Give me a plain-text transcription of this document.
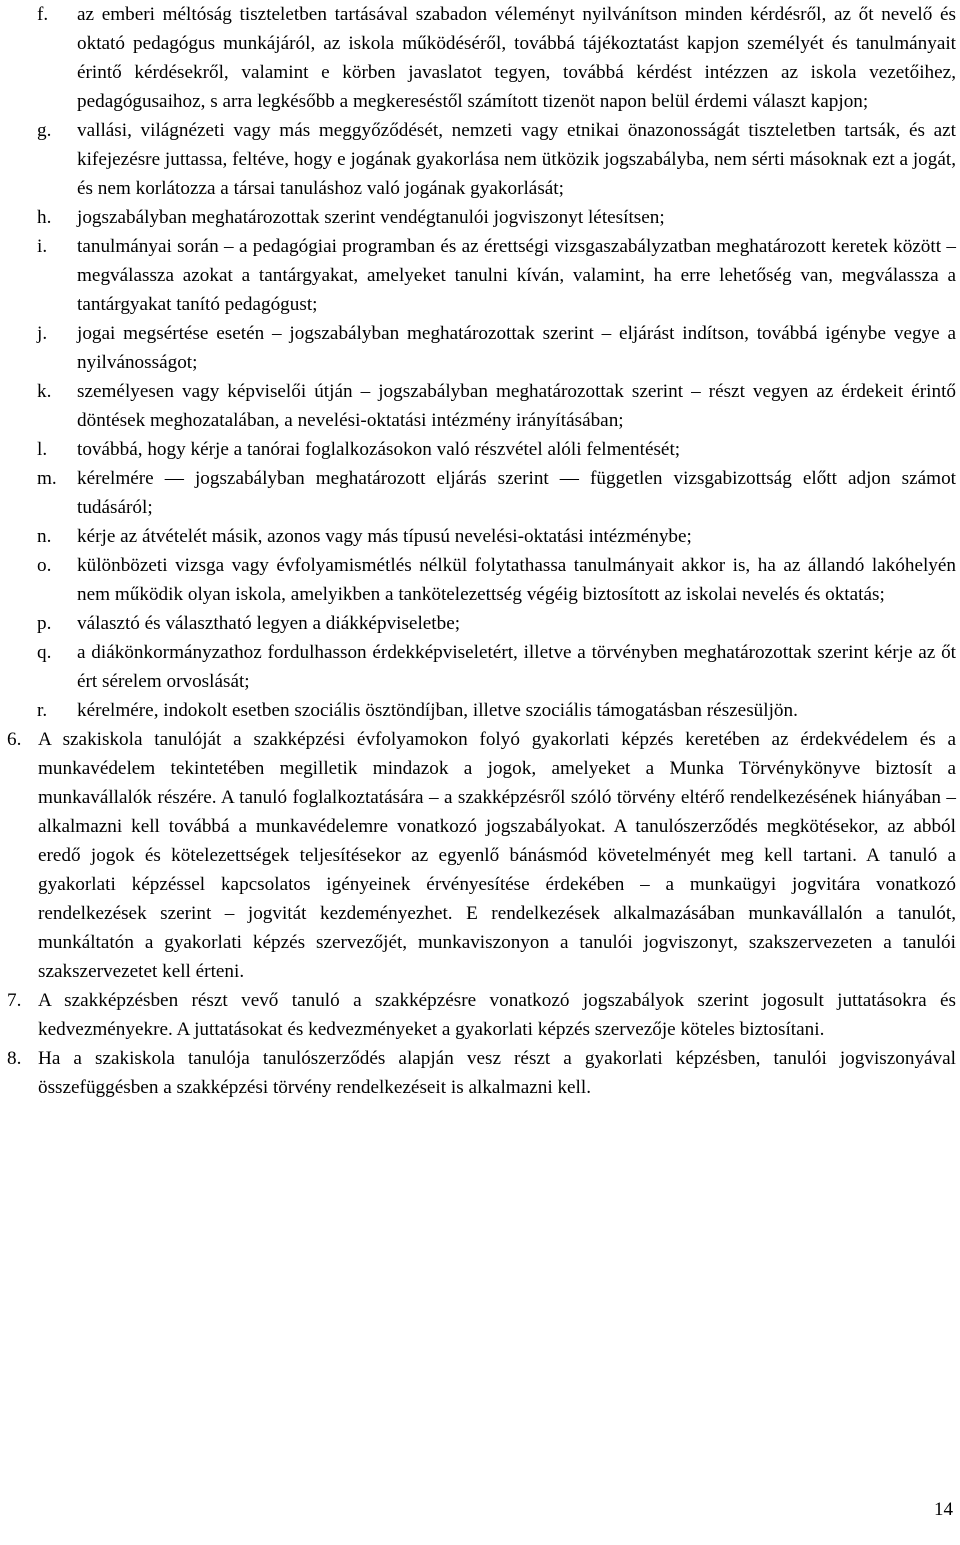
f. az emberi méltóság tiszteletben tartásával szabadon véleményt nyilvánítson minden kérdésről, az őt nevelő és oktató pedagógus munkájáról, az iskola működéséről, továbbá tájékoztatást kapjon személyét és tanulmányait érintő kérdésekről, valamint e körben javaslatot tegyen, továbbá kérdést intézzen az iskola vezetőihez, pedagógusaihoz, s arra legkésőbb a megkereséstől számított tizenöt napon belül érdemi választ kapjon;
g. vallási, világnézeti vagy más meggyőződését, nemzeti vagy etnikai önazonosságát tiszteletben tartsák, és azt kifejezésre juttassa, feltéve, hogy e jogának gyakorlása nem ütközik jogszabályba, nem sérti másoknak ezt a jogát, és nem korlátozza a társai tanuláshoz való jogának gyakorlását;
h. jogszabályban meghatározottak szerint vendégtanulói jogviszonyt létesítsen;
i. tanulmányai során – a pedagógiai programban és az érettségi vizsgaszabályzatban meghatározott keretek között – megválassza azokat a tantárgyakat, amelyeket tanulni kíván, valamint, ha erre lehetőség van, megválassza a tantárgyakat tanító pedagógust;
j. jogai megsértése esetén – jogszabályban meghatározottak szerint – eljárást indítson, továbbá igénybe vegye a nyilvánosságot;
k. személyesen vagy képviselői útján – jogszabályban meghatározottak szerint – részt vegyen az érdekeit érintő döntések meghozatalában, a nevelési-oktatási intézmény irányításában;
l. továbbá, hogy kérje a tanórai foglalkozásokon való részvétel alóli felmentését;
m. kérelmére — jogszabályban meghatározott eljárás szerint — független vizsgabizottság előtt adjon számot tudásáról;
n. kérje az átvételét másik, azonos vagy más típusú nevelési-oktatási intézménybe;
o. különbözeti vizsga vagy évfolyamismétlés nélkül folytathassa tanulmányait akkor is, ha az állandó lakóhelyén nem működik olyan iskola, amelyikben a tankötelezettség végéig biztosított az iskolai nevelés és oktatás;
p. választó és választható legyen a diákképviseletbe;
q. a diákönkormányzathoz fordulhasson érdekképviseletért, illetve a törvényben meghatározottak szerint kérje az őt ért sérelem orvoslását;
r. kérelmére, indokolt esetben szociális ösztöndíjban, illetve szociális támogatásban részesüljön.
6. A szakiskola tanulóját a szakképzési évfolyamokon folyó gyakorlati képzés keretében az érdekvédelem és a munkavédelem tekintetében megilletik mindazok a jogok, amelyeket a Munka Törvénykönyve biztosít a munkavállalók részére. A tanuló foglalkoztatására – a szakképzésről szóló törvény eltérő rendelkezésének hiányában – alkalmazni kell továbbá a munkavédelemre vonatkozó jogszabályokat. A tanulószerződés megkötésekor, az abból eredő jogok és kötelezettségek teljesítésekor az egyenlő bánásmód követelményét meg kell tartani. A tanuló a gyakorlati képzéssel kapcsolatos igényeinek érvényesítése érdekében – a munkaügyi jogvitára vonatkozó rendelkezések szerint – jogvitát kezdeményezhet. E rendelkezések alkalmazásában munkavállalón a tanulót, munkáltatón a gyakorlati képzés szervezőjét, munkaviszonyon a tanulói jogviszonyt, szakszervezeten a tanulói szakszervezetet kell érteni.
7. A szakképzésben részt vevő tanuló a szakképzésre vonatkozó jogszabályok szerint jogosult juttatásokra és kedvezményekre. A juttatásokat és kedvezményeket a gyakorlati képzés szervezője köteles biztosítani.
8. Ha a szakiskola tanulója tanulószerződés alapján vesz részt a gyakorlati képzésben, tanulói jogviszonyával összefüggésben a szakképzési törvény rendelkezéseit is alkalmazni kell.
14
